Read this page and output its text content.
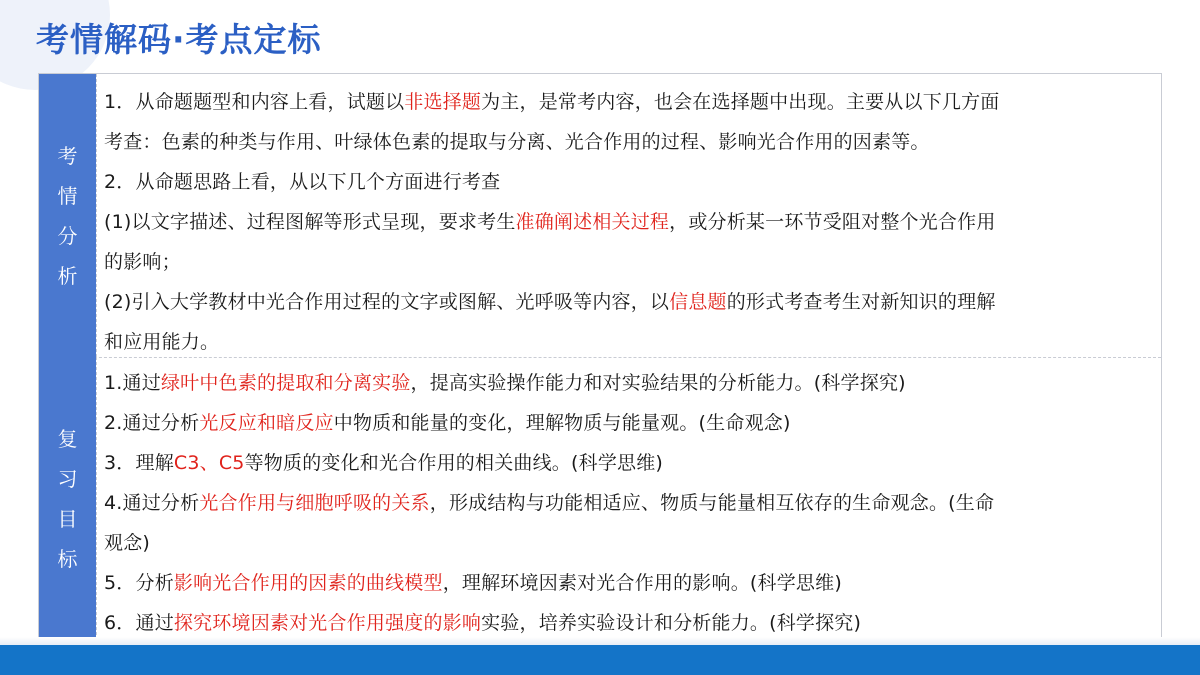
考情解码·考点定标
考
情
分
析
1．从命题题型和内容上看，试题以非选择题为主，是常考内容，也会在选择题中出现。主要从以下几方面
考查：色素的种类与作用、叶绿体色素的提取与分离、光合作用的过程、影响光合作用的因素等。
2．从命题思路上看，从以下几个方面进行考查
(1)以文字描述、过程图解等形式呈现，要求考生准确阐述相关过程，或分析某一环节受阻对整个光合作用
的影响；
(2)引入大学教材中光合作用过程的文字或图解、光呼吸等内容，以信息题的形式考查考生对新知识的理解
和应用能力。
复
习
目
标
1.通过绿叶中色素的提取和分离实验，提高实验操作能力和对实验结果的分析能力。(科学探究)
2.通过分析光反应和暗反应中物质和能量的变化，理解物质与能量观。(生命观念)
3．理解C3、C5等物质的变化和光合作用的相关曲线。(科学思维)
4.通过分析光合作用与细胞呼吸的关系，形成结构与功能相适应、物质与能量相互依存的生命观念。(生命
观念)
5．分析影响光合作用的因素的曲线模型，理解环境因素对光合作用的影响。(科学思维)
6．通过探究环境因素对光合作用强度的影响实验，培养实验设计和分析能力。(科学探究)
